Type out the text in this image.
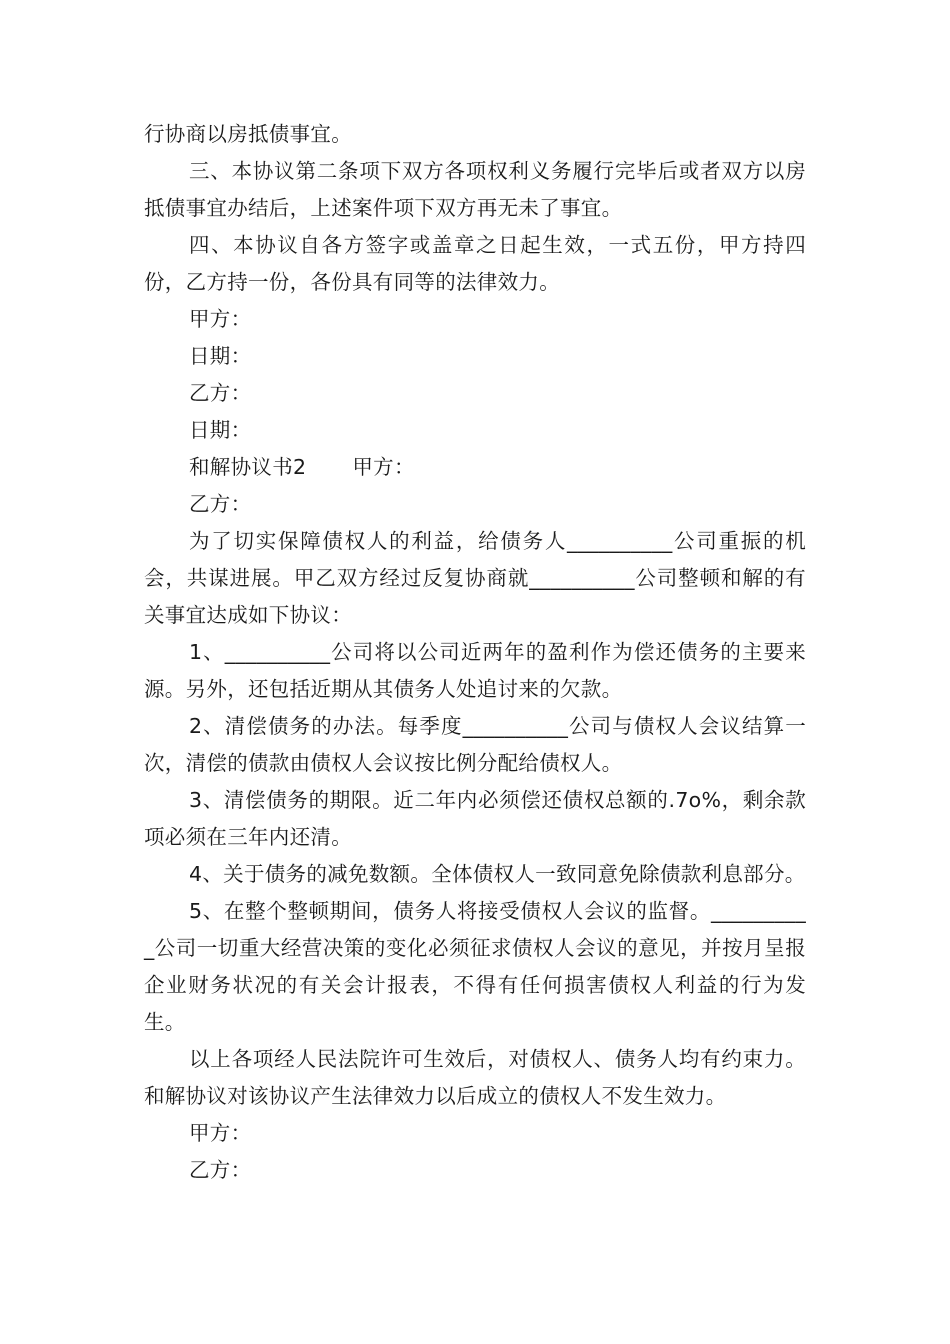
行协商以房抵债事宜。

三、本协议第二条项下双方各项权利义务履行完毕后或者双方以房抵债事宜办结后，上述案件项下双方再无未了事宜。

四、本协议自各方签字或盖章之日起生效，一式五份，甲方持四份，乙方持一份，各份具有同等的法律效力。

甲方：

日期：

乙方：

日期：

和解协议书2 甲方：

乙方：

为了切实保障债权人的利益，给债务人__________公司重振的机会，共谋进展。甲乙双方经过反复协商就__________公司整顿和解的有关事宜达成如下协议：

1、__________公司将以公司近两年的盈利作为偿还债务的主要来源。另外，还包括近期从其债务人处追讨来的欠款。

2、清偿债务的办法。每季度__________公司与债权人会议结算一次，清偿的债款由债权人会议按比例分配给债权人。

3、清偿债务的期限。近二年内必须偿还债权总额的.7o%，剩余款项必须在三年内还清。

4、关于债务的减免数额。全体债权人一致同意免除债款利息部分。

5、在整个整顿期间，债务人将接受债权人会议的监督。__________公司一切重大经营决策的变化必须征求债权人会议的意见，并按月呈报企业财务状况的有关会计报表，不得有任何损害债权人利益的行为发生。

以上各项经人民法院许可生效后，对债权人、债务人均有约束力。和解协议对该协议产生法律效力以后成立的债权人不发生效力。

甲方：

乙方：
